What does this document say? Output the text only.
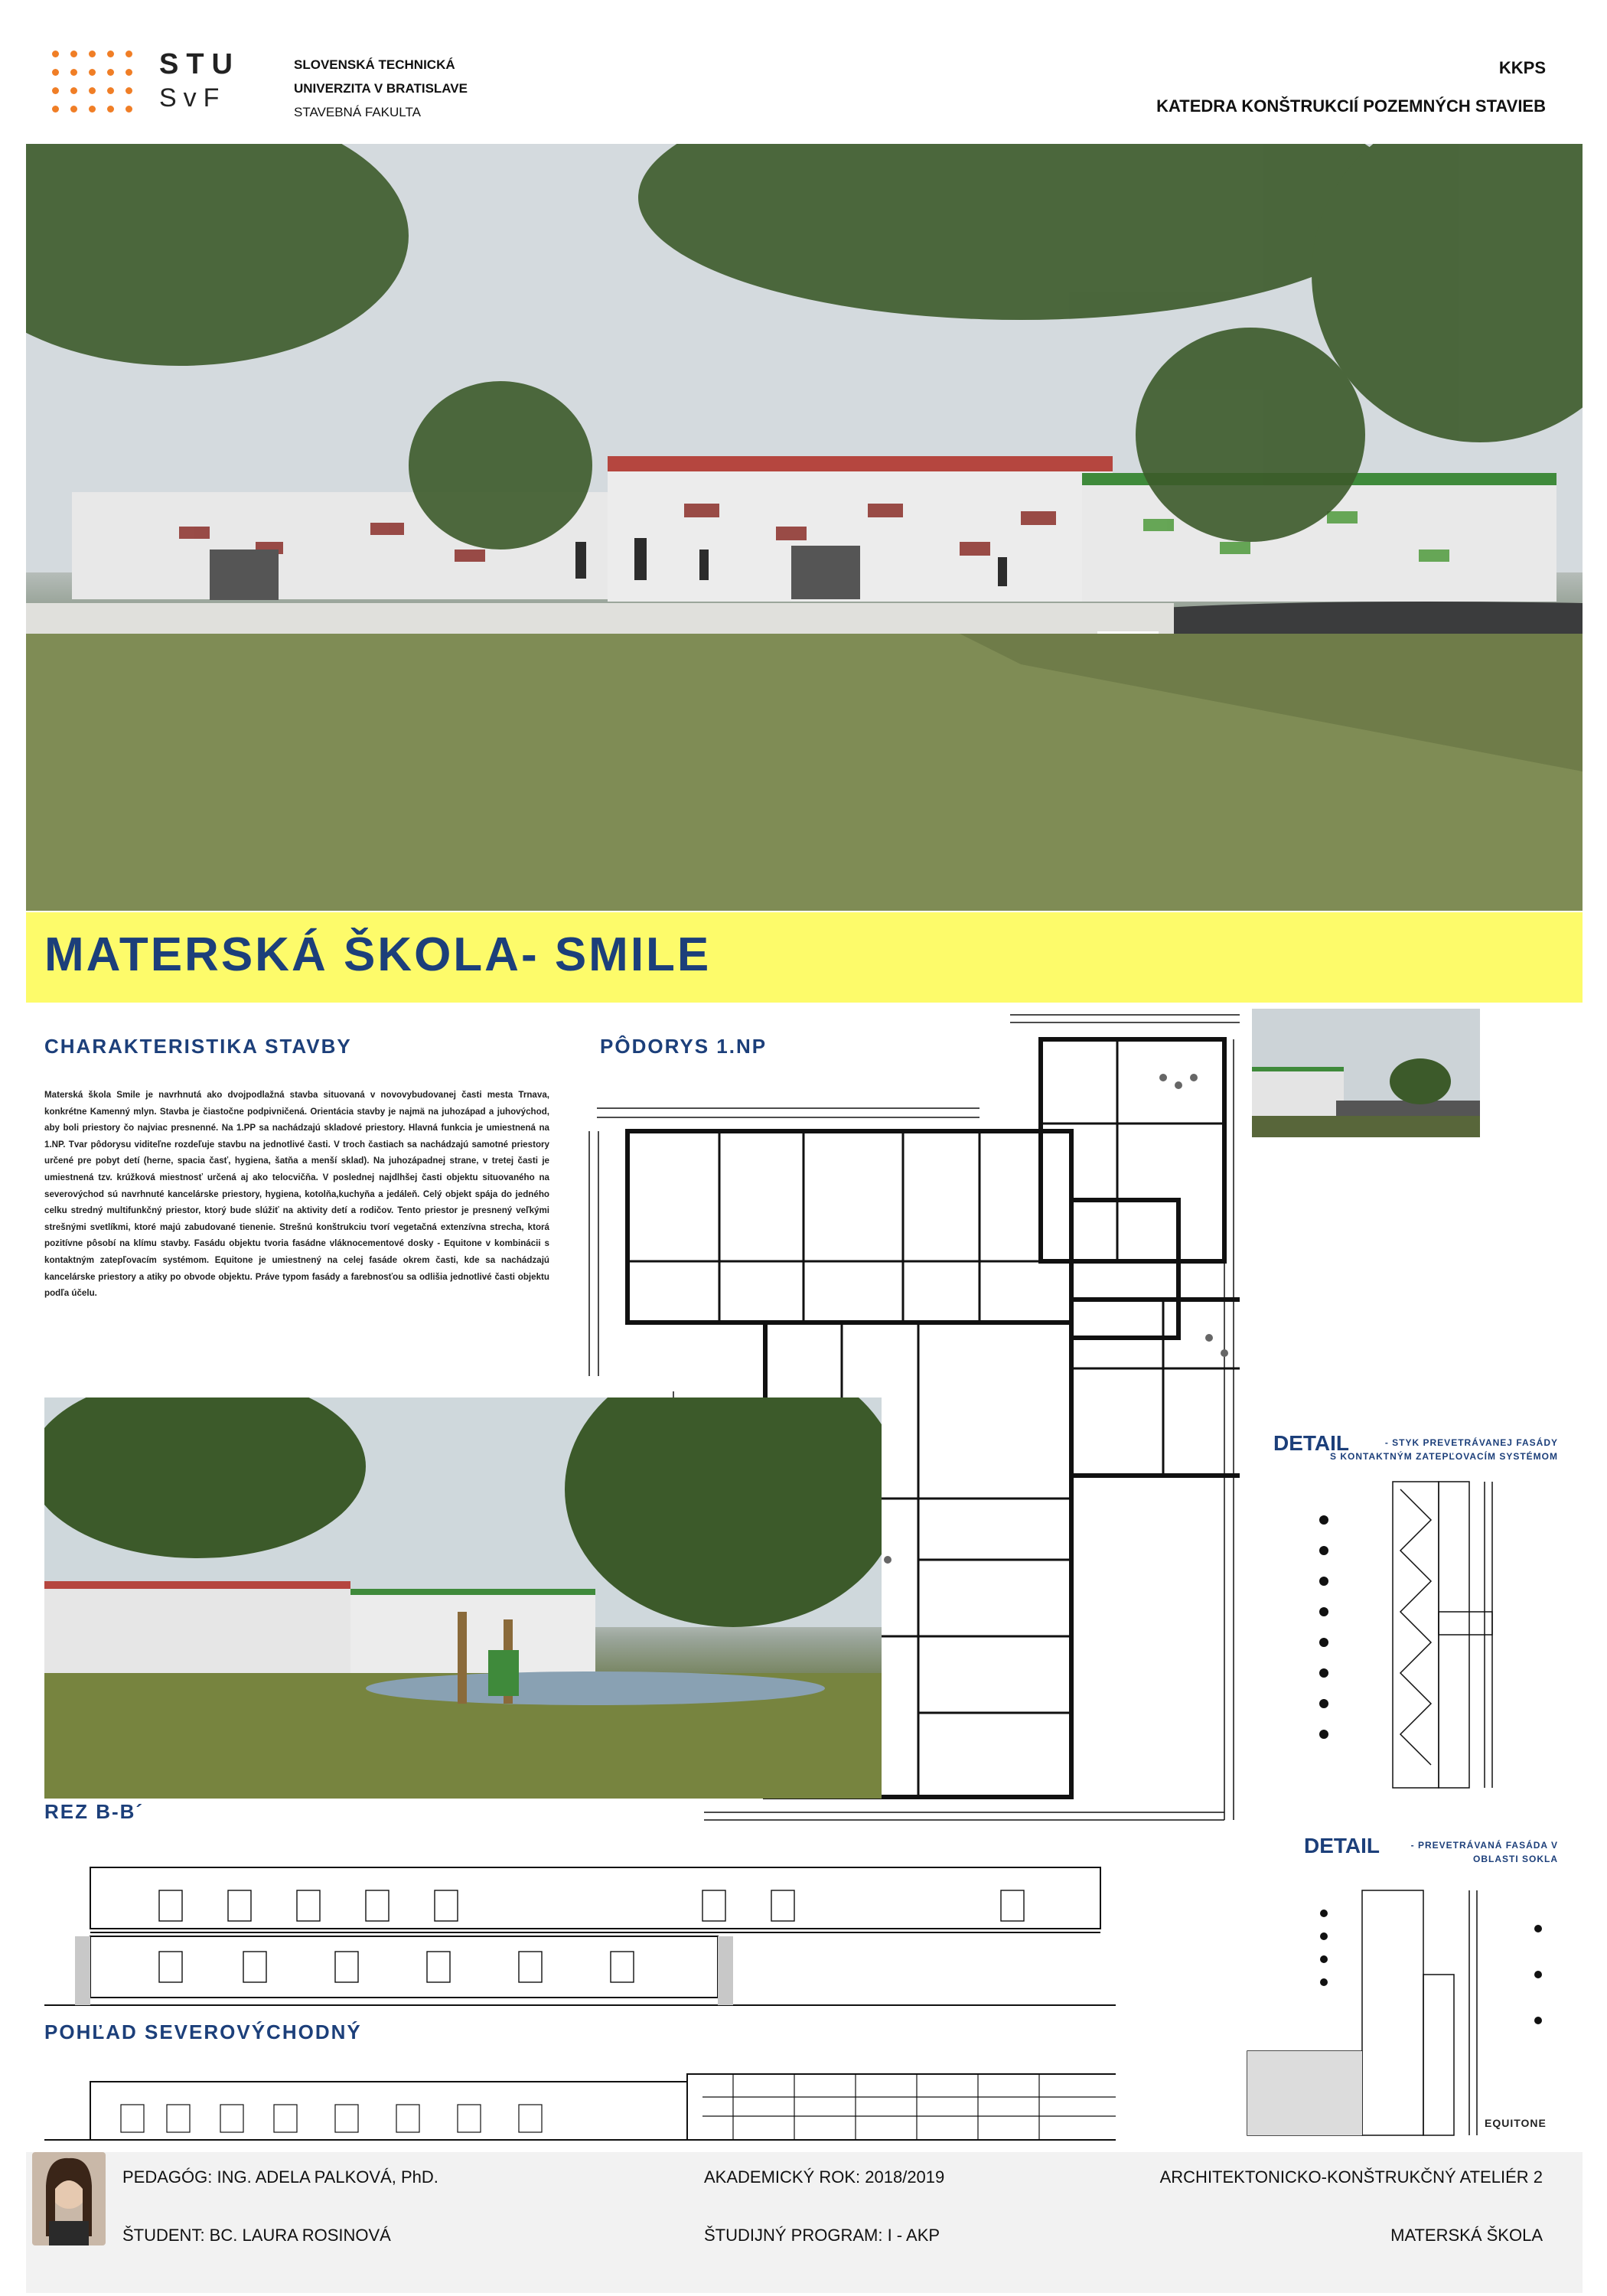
STU
SvF
SLOVENSKÁ TECHNICKÁ
UNIVERZITA V BRATISLAVE
STAVEBNÁ FAKULTA
KKPS
KATEDRA KONŠTRUKCIÍ POZEMNÝCH STAVIEB
MATERSKÁ ŠKOLA- SMILE
CHARAKTERISTIKA STAVBY
Materská škola Smile je navrhnutá ako dvojpodlažná stavba situovaná v novovybudovanej časti mesta Trnava, konkrétne Kamenný mlyn. Stavba je čiastočne podpivničená. Orientácia stavby je najmä na juhozápad a juhovýchod, aby boli priestory čo najviac presnenné. Na 1.PP sa nachádzajú skladové priestory. Hlavná funkcia je umiestnená na 1.NP. Tvar pôdorysu viditeľne rozdeľuje stavbu na jednotlivé časti. V troch častiach sa nachádzajú samotné priestory určené pre pobyt detí (herne, spacia časť, hygiena, šatňa a menší sklad). Na juhozápadnej strane, v tretej časti je umiestnená tzv. krúžková miestnosť určená aj ako telocvičňa. V poslednej najdlhšej časti objektu situovaného na severovýchod sú navrhnuté kancelárske priestory, hygiena, kotolňa,kuchyňa a jedáleň. Celý objekt spája do jedného celku stredný multifunkčný priestor, ktorý bude slúžiť na aktivity detí a rodičov. Tento priestor je presnený veľkými strešnými svetlíkmi, ktoré majú zabudované tienenie. Strešnú konštrukciu tvorí vegetačná extenzívna strecha, ktorá pozitívne pôsobí na klímu stavby. Fasádu objektu tvoria fasádne vláknocementové dosky - Equitone v kombinácii s kontaktným zatepľovacím systémom. Equitone je umiestnený na celej fasáde okrem časti, kde sa nachádzajú kancelárske priestory a atiky po obvode objektu. Práve typom fasády a farebnosťou sa odlišia jednotlivé časti objektu podľa účelu.
PÔDORYS 1.NP
DETAIL	- STYK PREVETRÁVANEJ FASÁDY
S KONTAKTNÝM ZATEPĽOVACÍM SYSTÉMOM
DETAIL	- PREVETRÁVANÁ FASÁDA V
OBLASTI SOKLA
EQUITONE
REZ B-B´
POHĽAD SEVEROVÝCHODNÝ
PEDAGÓG: ING. ADELA PALKOVÁ, PhD.
ŠTUDENT: BC. LAURA ROSINOVÁ
AKADEMICKÝ ROK: 2018/2019
ŠTUDIJNÝ PROGRAM: I - AKP
ARCHITEKTONICKO-KONŠTRUKČNÝ ATELIÉR 2
MATERSKÁ ŠKOLA
